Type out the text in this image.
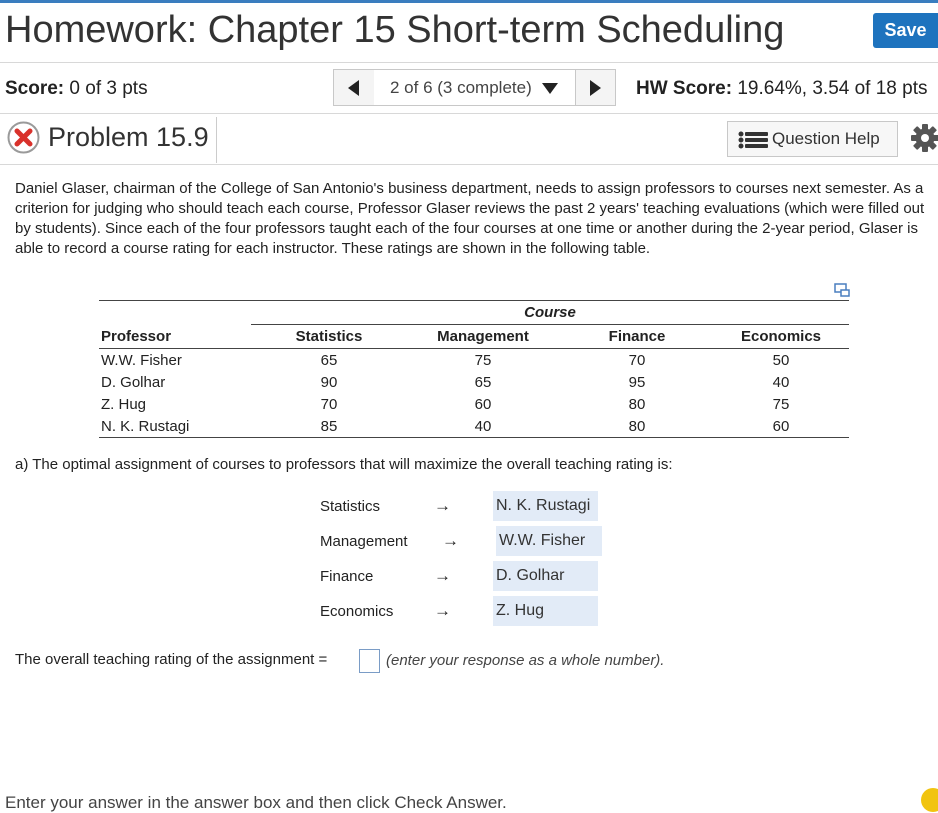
Homework: Chapter 15 Short-term Scheduling	Save
Score: 0 of 3 pts	2 of 6 (3 complete)	HW Score: 19.64%, 3.54 of 18 pts
Problem 15.9	Question Help

Daniel Glaser, chairman of the College of San Antonio's business department, needs to assign professors to courses next semester. As a criterion for judging who should teach each course, Professor Glaser reviews the past 2 years' teaching evaluations (which were filled out by students). Since each of the four professors taught each of the four courses at one time or another during the 2-year period, Glaser is able to record a course rating for each instructor. These ratings are shown in the following table.

Course
Professor	Statistics	Management	Finance	Economics
W.W. Fisher	65	75	70	50
D. Golhar	90	65	95	40
Z. Hug	70	60	80	75
N. K. Rustagi	85	40	80	60
a) The optimal assignment of courses to professors that will maximize the overall teaching rating is:
Statistics	→	N. K. Rustagi
Management →	W.W. Fisher
Finance	→	D. Golhar
Economics →	Z. Hug
The overall teaching rating of the assignment =	(enter your response as a whole number).
Enter your answer in the answer box and then click Check Answer.
